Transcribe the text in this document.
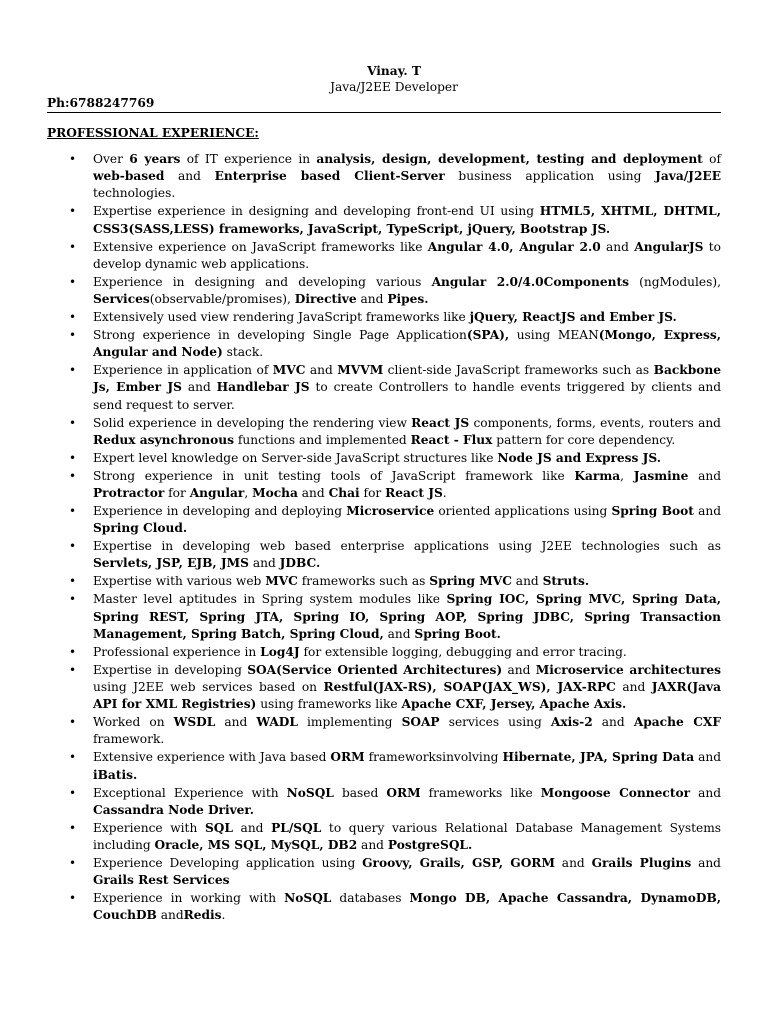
Vinay. T
Java/J2EE Developer
Ph:6788247769
PROFESSIONAL EXPERIENCE:
• Over 6 years of IT experience in analysis, design, development, testing and deployment of web-based and Enterprise based Client-Server business application using Java/J2EE technologies.
• Expertise experience in designing and developing front-end UI using HTML5, XHTML, DHTML, CSS3(SASS,LESS) frameworks, JavaScript, TypeScript, jQuery, Bootstrap JS.
• Extensive experience on JavaScript frameworks like Angular 4.0, Angular 2.0 and AngularJS to develop dynamic web applications.
• Experience in designing and developing various Angular 2.0/4.0Components (ngModules), Services(observable/promises), Directive and Pipes.
• Extensively used view rendering JavaScript frameworks like jQuery, ReactJS and Ember JS.
• Strong experience in developing Single Page Application(SPA), using MEAN(Mongo, Express, Angular and Node) stack.
• Experience in application of MVC and MVVM client-side JavaScript frameworks such as Backbone Js, Ember JS and Handlebar JS to create Controllers to handle events triggered by clients and send request to server.
• Solid experience in developing the rendering view React JS components, forms, events, routers and Redux asynchronous functions and implemented React - Flux pattern for core dependency.
• Expert level knowledge on Server-side JavaScript structures like Node JS and Express JS.
• Strong experience in unit testing tools of JavaScript framework like Karma, Jasmine and Protractor for Angular, Mocha and Chai for React JS.
• Experience in developing and deploying Microservice oriented applications using Spring Boot and Spring Cloud.
• Expertise in developing web based enterprise applications using J2EE technologies such as Servlets, JSP, EJB, JMS and JDBC.
• Expertise with various web MVC frameworks such as Spring MVC and Struts.
• Master level aptitudes in Spring system modules like Spring IOC, Spring MVC, Spring Data, Spring REST, Spring JTA, Spring IO, Spring AOP, Spring JDBC, Spring Transaction Management, Spring Batch, Spring Cloud, and Spring Boot.
• Professional experience in Log4J for extensible logging, debugging and error tracing.
• Expertise in developing SOA(Service Oriented Architectures) and Microservice architectures using J2EE web services based on Restful(JAX-RS), SOAP(JAX_WS), JAX-RPC and JAXR(Java API for XML Registries) using frameworks like Apache CXF, Jersey, Apache Axis.
• Worked on WSDL and WADL implementing SOAP services using Axis-2 and Apache CXF framework.
• Extensive experience with Java based ORM frameworksinvolving Hibernate, JPA, Spring Data and iBatis.
• Exceptional Experience with NoSQL based ORM frameworks like Mongoose Connector and Cassandra Node Driver.
• Experience with SQL and PL/SQL to query various Relational Database Management Systems including Oracle, MS SQL, MySQL, DB2 and PostgreSQL.
• Experience Developing application using Groovy, Grails, GSP, GORM and Grails Plugins and Grails Rest Services
• Experience in working with NoSQL databases Mongo DB, Apache Cassandra, DynamoDB, CouchDB andRedis.
